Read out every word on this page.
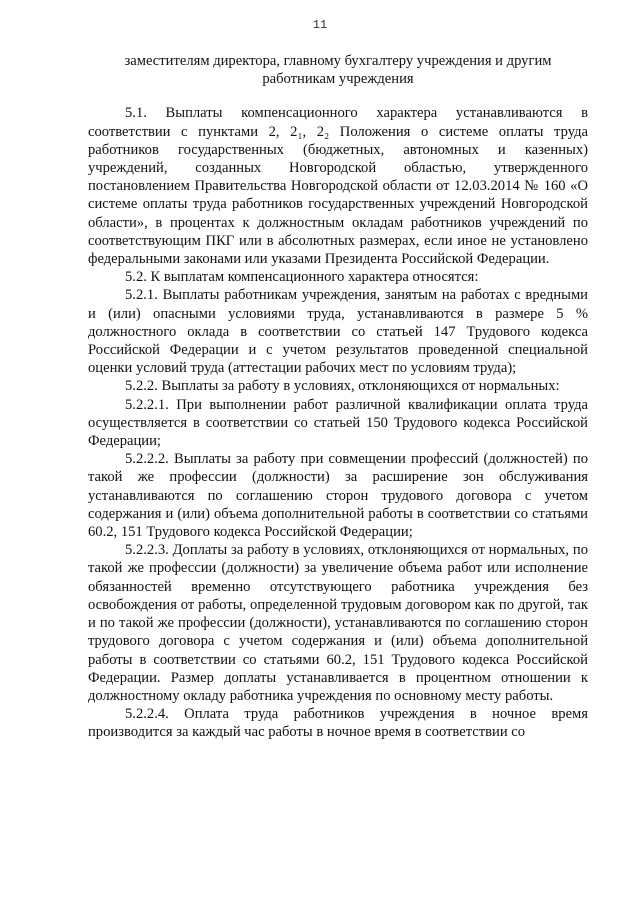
11

заместителям директора, главному бухгалтеру учреждения и другим работникам учреждения

5.1. Выплаты компенсационного характера устанавливаются в соответствии с пунктами 2, 2₁, 2₂ Положения о системе оплаты труда работников государственных (бюджетных, автономных и казенных) учреждений, созданных Новгородской областью, утвержденного постановлением Правительства Новгородской области от 12.03.2014 № 160 «О системе оплаты труда работников государственных учреждений Новгородской области», в процентах к должностным окладам работников учреждений по соответствующим ПКГ или в абсолютных размерах, если иное не установлено федеральными законами или указами Президента Российской Федерации.

5.2. К выплатам компенсационного характера относятся:

5.2.1. Выплаты работникам учреждения, занятым на работах с вредными и (или) опасными условиями труда, устанавливаются в размере 5 % должностного оклада в соответствии со статьей 147 Трудового кодекса Российской Федерации и с учетом результатов проведенной специальной оценки условий труда (аттестации рабочих мест по условиям труда);

5.2.2. Выплаты за работу в условиях, отклоняющихся от нормальных:

5.2.2.1. При выполнении работ различной квалификации оплата труда осуществляется в соответствии со статьей 150 Трудового кодекса Российской Федерации;

5.2.2.2. Выплаты за работу при совмещении профессий (должностей) по такой же профессии (должности) за расширение зон обслуживания устанавливаются по соглашению сторон трудового договора с учетом содержания и (или) объема дополнительной работы в соответствии со статьями 60.2, 151 Трудового кодекса Российской Федерации;

5.2.2.3. Доплаты за работу в условиях, отклоняющихся от нормальных, по такой же профессии (должности) за увеличение объема работ или исполнение обязанностей временно отсутствующего работника учреждения без освобождения от работы, определенной трудовым договором как по другой, так и по такой же профессии (должности), устанавливаются по соглашению сторон трудового договора с учетом содержания и (или) объема дополнительной работы в соответствии со статьями 60.2, 151 Трудового кодекса Российской Федерации. Размер доплаты устанавливается в процентном отношении к должностному окладу работника учреждения по основному месту работы.

5.2.2.4. Оплата труда работников учреждения в ночное время производится за каждый час работы в ночное время в соответствии со
